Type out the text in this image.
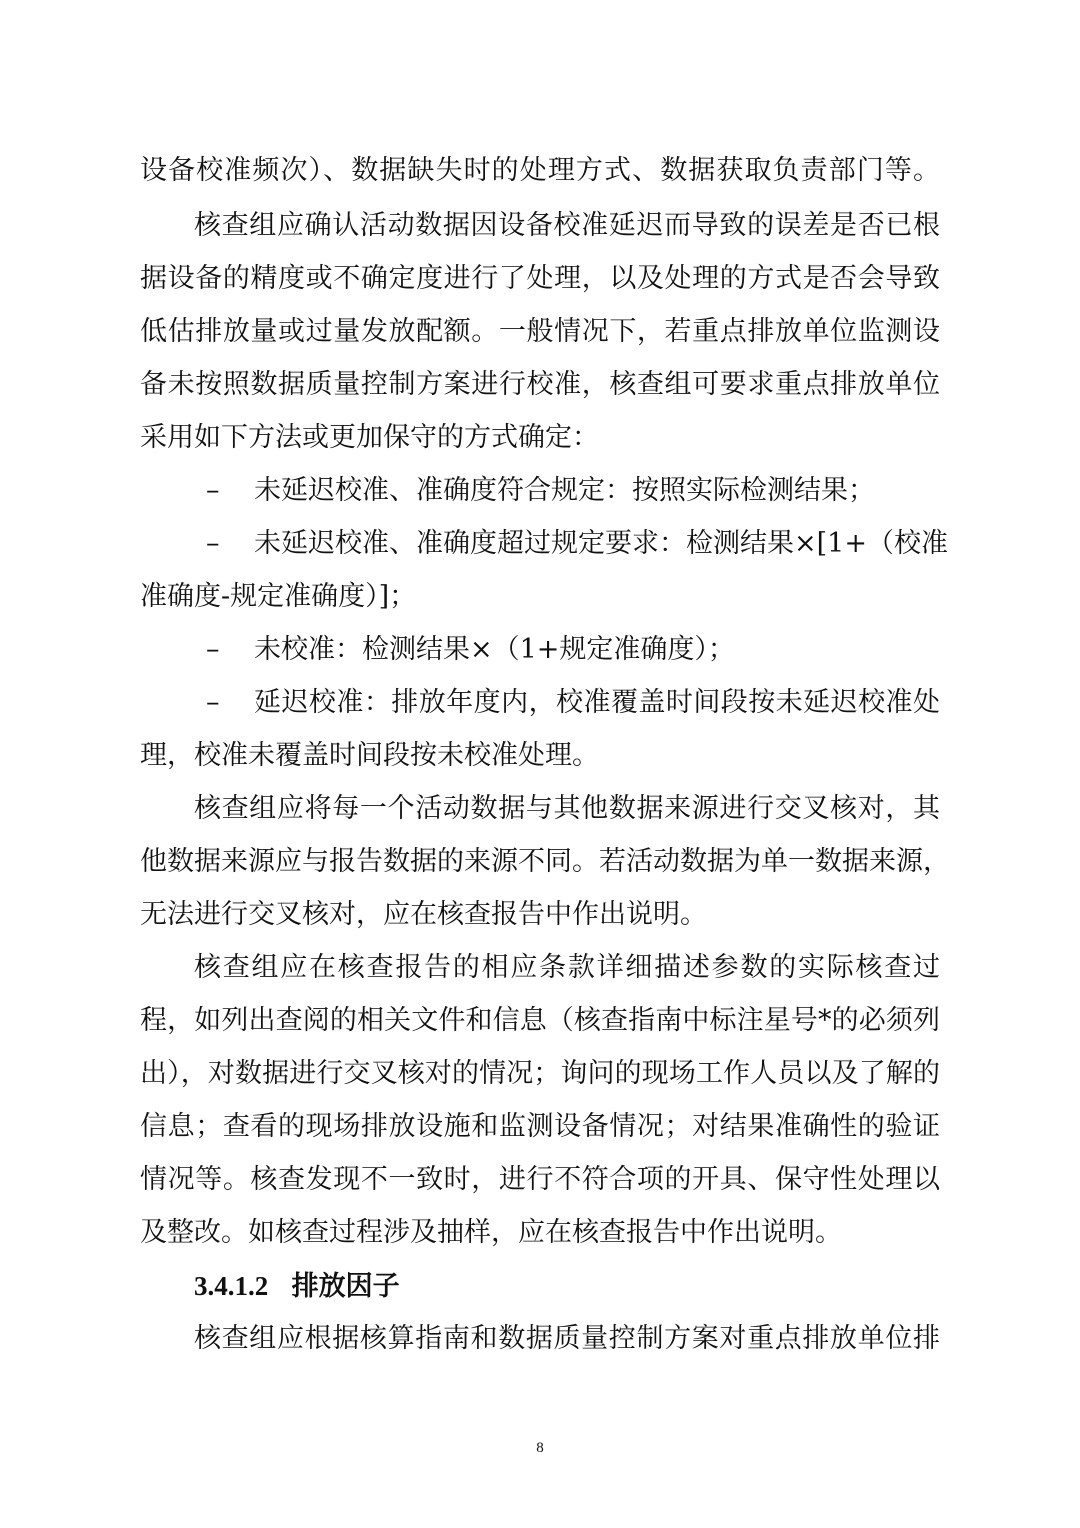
设备校准频次）、数据缺失时的处理方式、数据获取负责部门等。
核查组应确认活动数据因设备校准延迟而导致的误差是否已根
据设备的精度或不确定度进行了处理，以及处理的方式是否会导致
低估排放量或过量发放配额。一般情况下，若重点排放单位监测设
备未按照数据质量控制方案进行校准，核查组可要求重点排放单位
采用如下方法或更加保守的方式确定：
– 未延迟校准、准确度符合规定：按照实际检测结果；
– 未延迟校准、准确度超过规定要求：检测结果×[1+（校准
准确度-规定准确度）]；
– 未校准：检测结果×（1+规定准确度）；
– 延迟校准：排放年度内，校准覆盖时间段按未延迟校准处
理，校准未覆盖时间段按未校准处理。
核查组应将每一个活动数据与其他数据来源进行交叉核对，其
他数据来源应与报告数据的来源不同。若活动数据为单一数据来源，
无法进行交叉核对，应在核查报告中作出说明。
核查组应在核查报告的相应条款详细描述参数的实际核查过
程，如列出查阅的相关文件和信息（核查指南中标注星号*的必须列
出），对数据进行交叉核对的情况；询问的现场工作人员以及了解的
信息；查看的现场排放设施和监测设备情况；对结果准确性的验证
情况等。核查发现不一致时，进行不符合项的开具、保守性处理以
及整改。如核查过程涉及抽样，应在核查报告中作出说明。
3.4.1.2 排放因子
核查组应根据核算指南和数据质量控制方案对重点排放单位排
8
